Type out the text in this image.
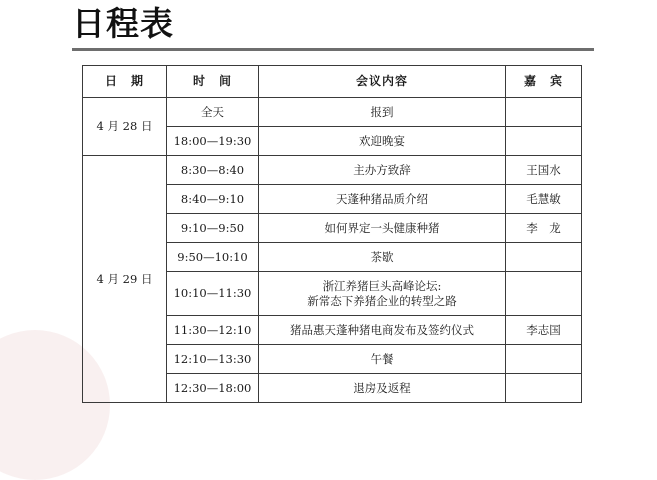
日程表
日　期	时　间	会议内容	嘉　宾
4 月 28 日	全天	报到	
	18:00—19:30	欢迎晚宴	
4 月 29 日	8:30—8:40	主办方致辞	王国水
	8:40—9:10	天蓬种猪品质介绍	毛慧敏
	9:10—9:50	如何界定一头健康种猪	李　龙
	9:50—10:10	茶歇	
	10:10—11:30	浙江养猪巨头高峰论坛:
新常态下养猪企业的转型之路	

	11:30—12:10	猪品惠天蓬种猪电商发布及签约仪式	李志国
	12:10—13:30	午餐	
	12:30—18:00	退房及返程	
